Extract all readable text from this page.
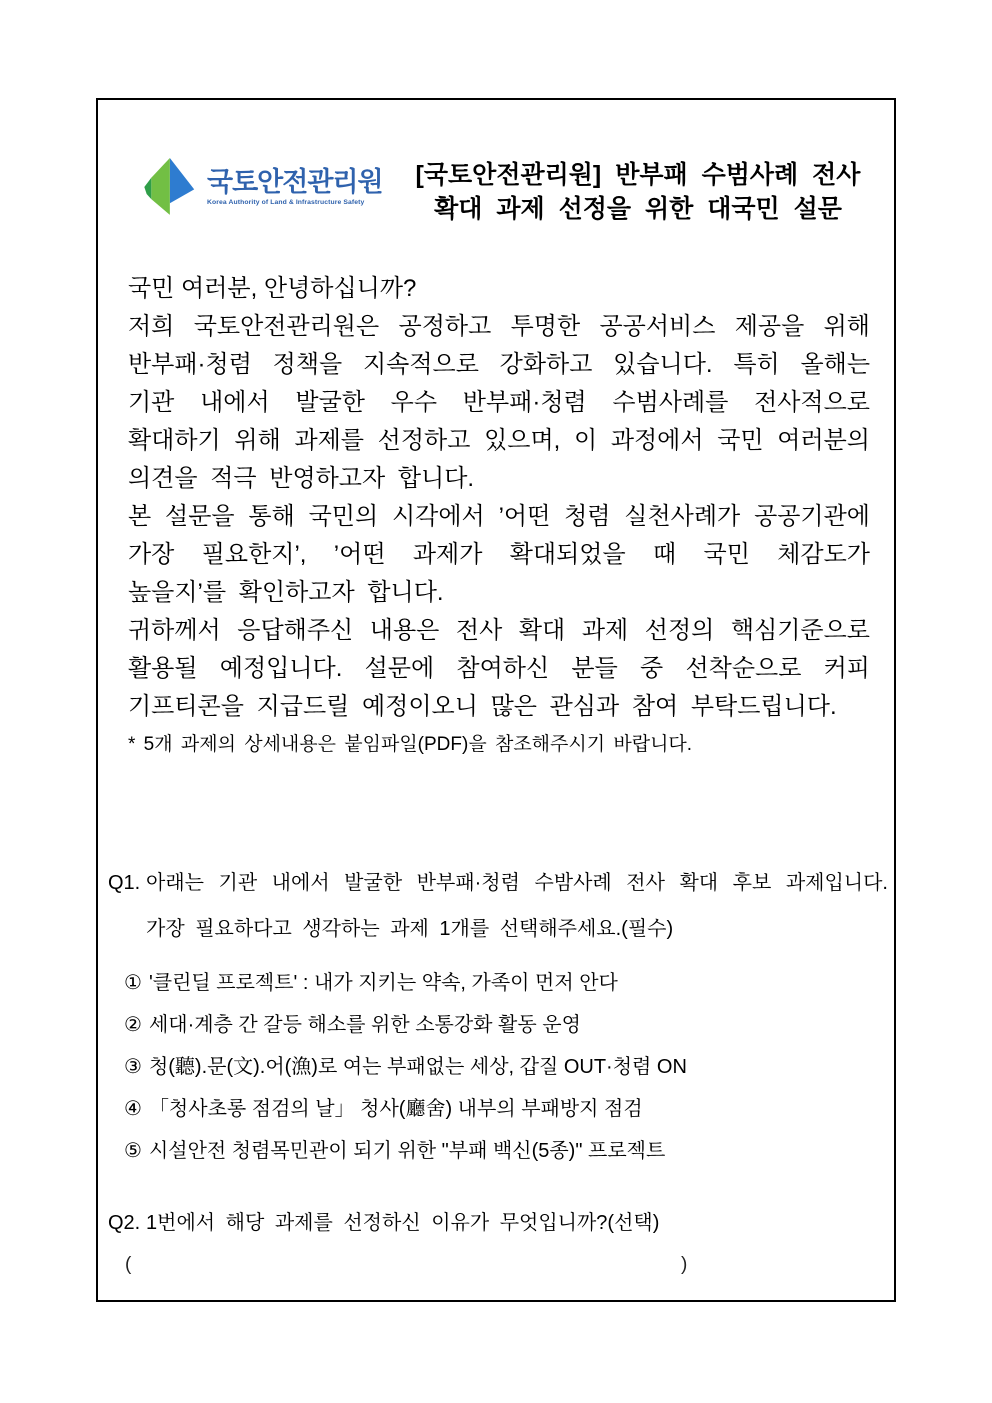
국토안전관리원
Korea Authority of Land & Infrastructure Safety
[국토안전관리원] 반부패 수범사례 전사
확대 과제 선정을 위한 대국민 설문

국민 여러분, 안녕하십니까?

저희 국토안전관리원은 공정하고 투명한 공공서비스 제공을 위해 반부패·청렴 정책을 지속적으로 강화하고 있습니다. 특히 올해는 기관 내에서 발굴한 우수 반부패·청렴 수범사례를 전사적으로 확대하기 위해 과제를 선정하고 있으며, 이 과정에서 국민 여러분의 의견을 적극 반영하고자 합니다.

본 설문을 통해 국민의 시각에서 ’어떤 청렴 실천사례가 공공기관에 가장 필요한지’, ’어떤 과제가 확대되었을 때 국민 체감도가 높을지’를 확인하고자 합니다.

귀하께서 응답해주신 내용은 전사 확대 과제 선정의 핵심기준으로 활용될 예정입니다. 설문에 참여하신 분들 중 선착순으로 커피 기프티콘을 지급드릴 예정이오니 많은 관심과 참여 부탁드립니다.

* 5개 과제의 상세내용은 붙임파일(PDF)을 참조해주시기 바랍니다.

Q1. 아래는 기관 내에서 발굴한 반부패·청렴 수밤사례 전사 확대 후보 과제입니다. 가장 필요하다고 생각하는 과제 1개를 선택해주세요.(필수)

① '클린딜 프로젝트' : 내가 지키는 약속, 가족이 먼저 안다
② 세대·계층 간 갈등 해소를 위한 소통강화 활동 운영
③ 청(聽).문(文).어(漁)로 여는 부패없는 세상, 갑질 OUT·청렴 ON
④ 「청사초롱 점검의 날」 청사(廳舍) 내부의 부패방지 점검
⑤ 시설안전 청렴목민관이 되기 위한 "부패 백신(5종)" 프로젝트
Q2. 1번에서 해당 과제를 선정하신 이유가 무엇입니까?(선택)

(	)
